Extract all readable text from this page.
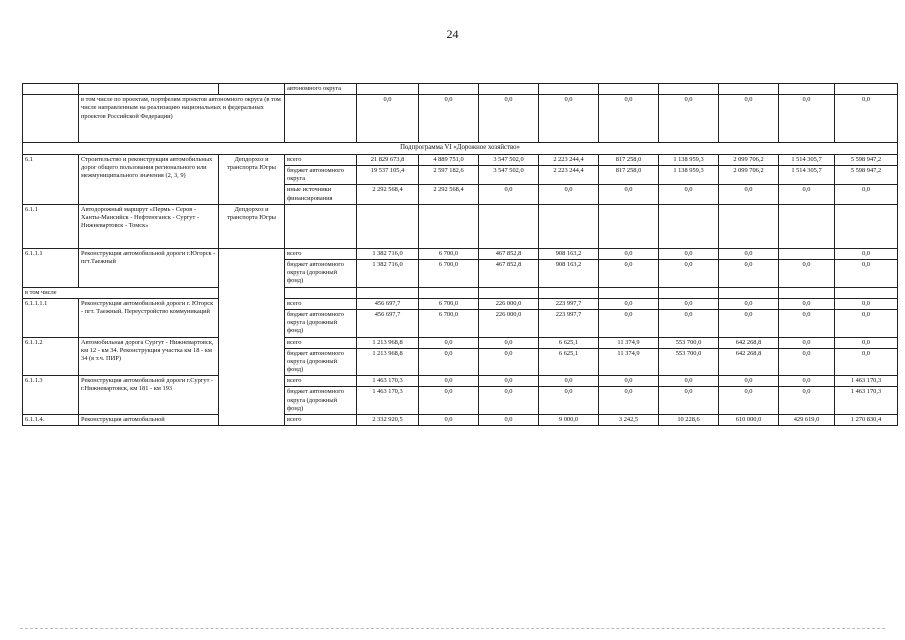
24
			автономного округа									
	в том числе по проектам, портфелям проектов автономного округа (в том числе направленным на реализацию национальных и федеральных проектов Российской Федерации)			0,0	0,0	0,0	0,0	0,0	0,0	0,0	0,0	0,0
Подпрограмма VI «Дорожное хозяйство»												
6.1	Строительство и реконструкция автомобильных дорог общего пользования регионального или межмуниципального значения (2, 3, 9)	Депдорхоз и транспорта Югры	всего	21 829 673,8	4 889 751,0	3 547 502,0	2 223 244,4	817 258,0	1 138 959,3	2 099 706,2	1 514 305,7	5 598 947,2
			бюджет автономного округа	19 537 105,4	2 597 182,6	3 547 502,0	2 223 244,4	817 258,0	1 138 959,3	2 099 706,2	1 514 305,7	5 598 947,2
			иные источники финансирования	2 292 568,4	2 292 568,4	0,0	0,0	0,0	0,0	0,0	0,0	0,0
6.1.1	Автодорожный маршрут «Пермь - Серов - Ханты-Мансийск - Нефтеюганск - Сургут - Нижневартовск - Томск»	Депдорхоз и транспорта Югры										
6.1.1.1	Реконструкция автомобильной дороги г.Югорск - пгт.Таежный		всего	1 382 716,0	6 700,0	467 852,8	908 163,2	0,0	0,0	0,0		0,0
			бюджет автономного округа (дорожный фонд)	1 382 716,0	6 700,0	467 852,8	908 163,2	0,0	0,0	0,0	0,0	0,0
в том числе												
6.1.1.1.1	Реконструкция автомобильной дороги г. Югорск - пгт. Таежный. Переустройство коммуникаций		всего	456 697,7	6 700,0	226 000,0	223 997,7	0,0	0,0	0,0	0,0	0,0
			бюджет автономного округа (дорожный фонд)	456 697,7	6 700,0	226 000,0	223 997,7	0,0	0,0	0,0	0,0	0,0
6.1.1.2	Автомобильная дорога Сургут - Нижневартовск, км 12 - км 34. Реконструкция участка км 18 - км 34 (в т.ч. ПИР)		всего	1 213 968,8	0,0	0,0	6 625,1	11 374,9	553 700,0	642 268,8	0,0	0,0
			бюджет автономного округа (дорожный фонд)	1 213 968,8	0,0	0,0	6 625,1	11 374,9	553 700,0	642 268,8	0,0	0,0
6.1.1.3	Реконструкция автомобильной дороги г.Сургут - г.Нижневартовск, км 181 - км 193		всего	1 463 170,3	0,0	0,0	0,0	0,0	0,0	0,0	0,0	1 463 170,3
			бюджет автономного округа (дорожный фонд)	1 463 170,3	0,0	0,0	0,0	0,0	0,0	0,0	0,0	1 463 170,3
6.1.1.4.	Реконструкция автомобильной		всего	2 332 920,5	0,0	0,0	9 000,0	3 242,5	10 228,6	610 000,0	429 619,0	1 270 830,4
